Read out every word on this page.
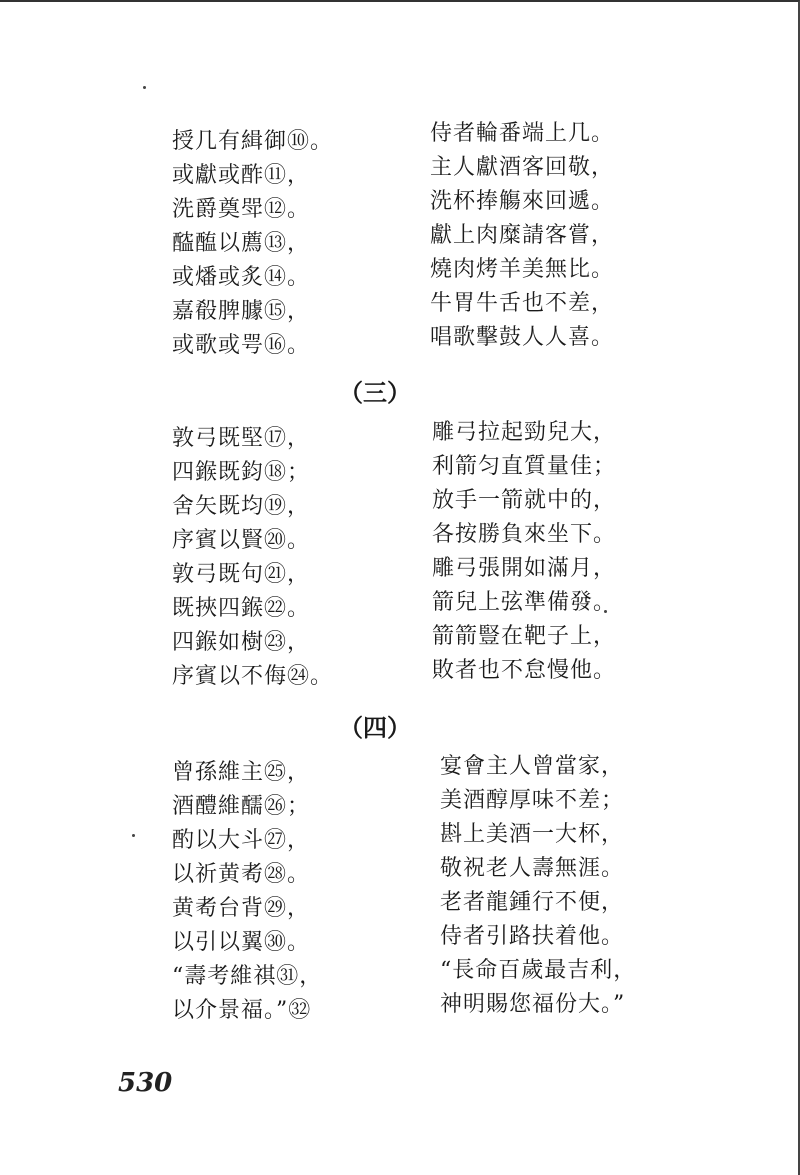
授几有緝御⑩。
或獻或酢⑪，
洗爵奠斝⑫。
醓醢以薦⑬，
或燔或炙⑭。
嘉殽脾臄⑮，
或歌或咢⑯。
侍者輪番端上几。
主人獻酒客回敬，
洗杯捧觴來回遞。
獻上肉糜請客嘗，
燒肉烤羊美無比。
牛胃牛舌也不差，
唱歌擊鼓人人喜。
（三）
敦弓既堅⑰，
四鍭既鈞⑱；
舍矢既均⑲，
序賓以賢⑳。
敦弓既句㉑，
既挾四鍭㉒。
四鍭如樹㉓，
序賓以不侮㉔。
雕弓拉起勁兒大，
利箭匀直質量佳；
放手一箭就中的，
各按勝負來坐下。
雕弓張開如滿月，
箭兒上弦準備發。
箭箭豎在靶子上，
敗者也不怠慢他。
（四）
曾孫維主㉕，
酒醴維醹㉖；
酌以大斗㉗，
以祈黄耇㉘。
黄耇台背㉙，
以引以翼㉚。
“壽考維祺㉛，
以介景福。”㉜
宴會主人曾當家，
美酒醇厚味不差；
斟上美酒一大杯，
敬祝老人壽無涯。
老者龍鍾行不便，
侍者引路扶着他。
“長命百歲最吉利，
神明賜您福份大。”
530
